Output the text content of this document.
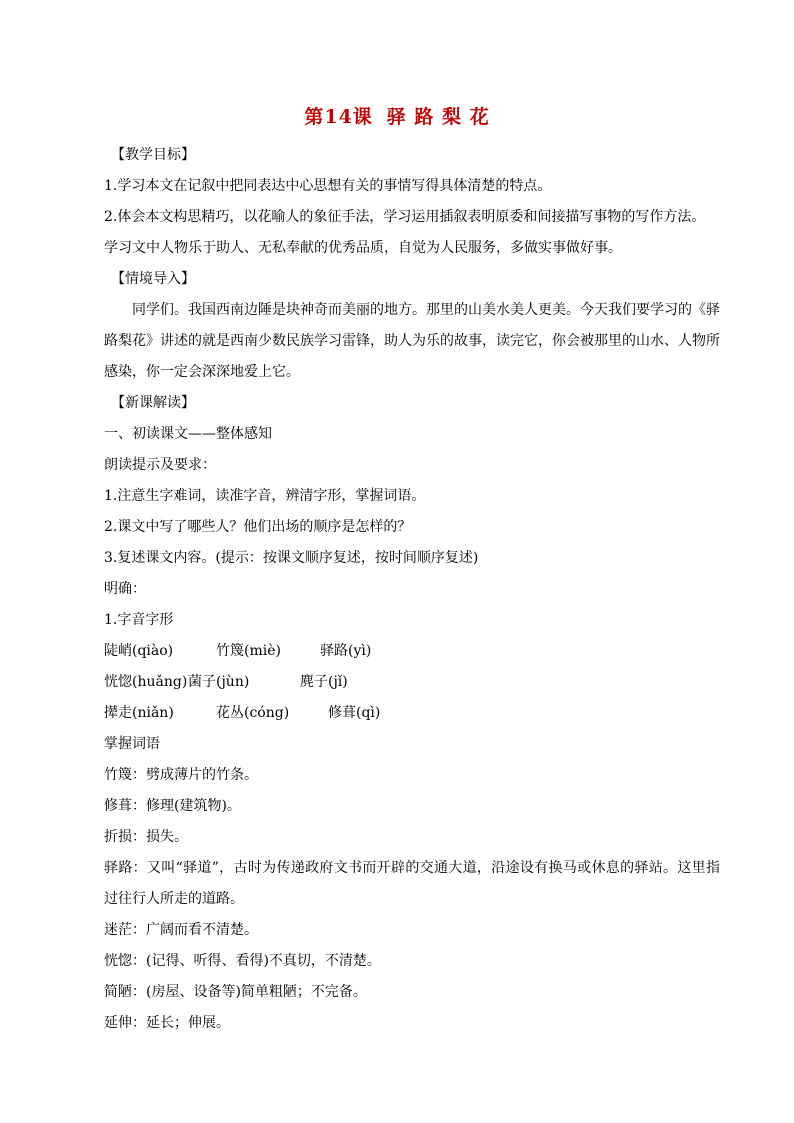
第14课 驿 路 梨 花

【教学目标】

1.学习本文在记叙中把同表达中心思想有关的事情写得具体清楚的特点。

2.体会本文构思精巧，以花喻人的象征手法，学习运用插叙表明原委和间接描写事物的写作方法。

学习文中人物乐于助人、无私奉献的优秀品质，自觉为人民服务，多做实事做好事。

【情境导入】

同学们。我国西南边陲是块神奇而美丽的地方。那里的山美水美人更美。今天我们要学习的《驿路梨花》讲述的就是西南少数民族学习雷锋，助人为乐的故事，读完它，你会被那里的山水、人物所感染，你一定会深深地爱上它。

【新课解读】

一、初读课文——整体感知

朗读提示及要求：

1.注意生字难词，读准字音，辨清字形，掌握词语。

2.课文中写了哪些人？他们出场的顺序是怎样的？

3.复述课文内容。(提示：按课文顺序复述，按时间顺序复述)

明确：

1.字音字形

陡峭(qiào)	竹篾(miè)	驿路(yì)
恍惚(huǎng) 菌子(jùn)	麂子(jǐ)
撵走(niǎn)	花丛(cóng)	修葺(qì)

掌握词语

竹篾：劈成薄片的竹条。

修葺：修理(建筑物)。

折损：损失。

驿路：又叫“驿道”，古时为传递政府文书而开辟的交通大道，沿途设有换马或休息的驿站。这里指过往行人所走的道路。

迷茫：广阔而看不清楚。

恍惚：(记得、听得、看得)不真切，不清楚。

简陋：(房屋、设备等)简单粗陋；不完备。

延伸：延长；伸展。
